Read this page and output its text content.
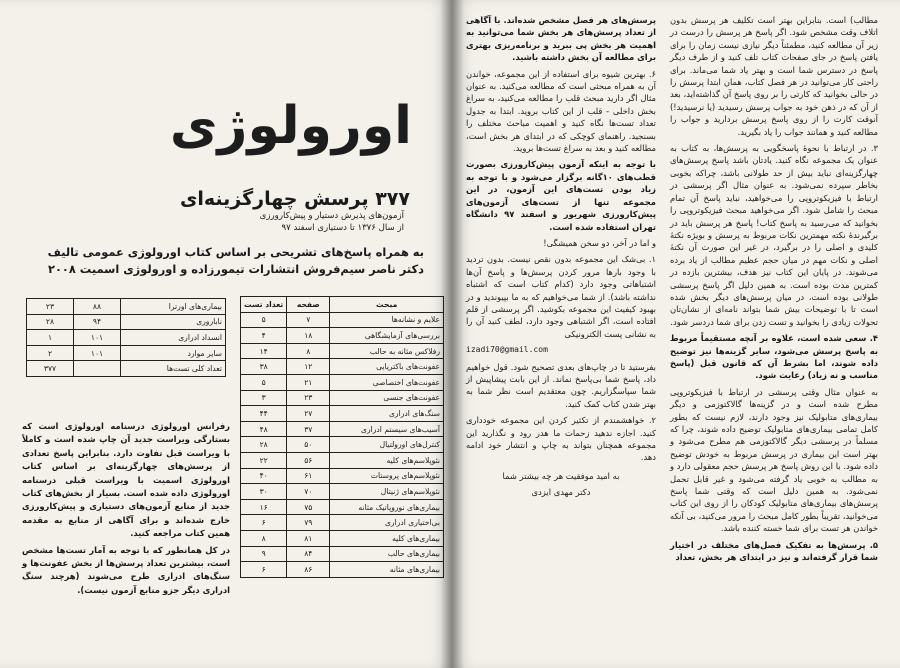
اورولوژی
۳۷۷ پرسش چهارگزینه‌ای
آزمون‌های پذیرش دستیار و پیش‌کارورزی
از سال ۱۳۷۶ تا دستیاری اسفند ۹۷
به همراه پاسخ‌های تشریحی بر اساس کتاب اورولوژی عمومی تالیف
دکتر ناصر سیم‌فروش انتشارات تیمورزاده و اورولوژی اسمیت ۲۰۰۸
مبحث	صفحه	تعداد تست
علایم و نشانه‌ها	۷	۵
بررسی‌های آزمایشگاهی	۱۸	۴
رفلاکس مثانه به حالب	۸	۱۴
عفونت‌های باکتریایی	۱۲	۳۸
عفونت‌های اختصاصی	۲۱	۵
عفونت‌های جنسی	۲۳	۳
سنگ‌های ادراری	۲۷	۴۴
آسیب‌های سیستم ادراری	۳۷	۴۸
کنترل‌های اورولتیال	۵۰	۲۸
نئوپلاسم‌های کلیه	۵۶	۲۲
نئوپلاسم‌های پروستات	۶۱	۴۰
نئوپلاسم‌های ژنیتال	۷۰	۳۰
بیماری‌های نوروپاتیک مثانه	۷۵	۱۶
بی‌اختیاری ادراری	۷۹	۶
بیماری‌های کلیه	۸۱	۸
بیماری‌های حالب	۸۴	۹
بیماری‌های مثانه	۸۶	۶
بیماری‌های اورترا	۸۸	۲۳
ناباروری	۹۴	۲۸
انسداد ادراری	۱۰۱	۱
سایر موارد	۱۰۱	۲
تعداد کلی تست‌ها		۳۷۷

رفرانس اورولوژی درسنامه اورولوژی است که بستارگی ویراست جدید آن چاپ شده است و کاملاً با ویراست قبل تفاوت دارد. بنابراین پاسخ تعدادی از پرسش‌های چهارگزینه‌ای بر اساس کتاب اورولوژی اسمیت با ویراست قبلی درسنامه اورولوژی داده شده است. بسیار از بخش‌های کتاب جدید از منابع آزمون‌های دستیاری و پیش‌کارورزی خارج شده‌اند و برای آگاهی از منابع به مقدمه همین کتاب مراجعه کنید.

در کل همانطور که با توجه به آمار تست‌ها مشخص است، بیشترین تعداد پرسش‌ها از بخش عفونت‌ها و سنگ‌های ادراری طرح می‌شوند (هرچند سنگ ادراری دیگر جزو منابع آزمون نیست).

پرسش‌های هر فصل مشخص شده‌اند. با آگاهی از تعداد پرسش‌های هر بخش شما می‌توانید به اهمیت هر بخش پی ببرید و برنامه‌ریزی بهتری برای مطالعه آن بخش داشته باشید.

۶. بهترین شیوه برای استفاده از این مجموعه، خواندن آن به همراه مبحثی است که مطالعه می‌کنید. به عنوان مثال اگر دارید مبحث قلب را مطالعه می‌کنید، به سراغ بخش داخلی - قلب از این کتاب بروید. ابتدا به جدول تعداد تست‌ها نگاه کنید و اهمیت مباحث مختلف را بسنجید. راهنمای کوچکی که در ابتدای هر بخش است، مطالعه کنید و بعد به سراغ تست‌ها بروید.

با توجه به اینکه آزمون پیش‌کارورزی بصورت قطب‌های ۱۰گانه برگزار می‌شود و با توجه به زیاد بودن تست‌های این آزمون، در این مجموعه تنها از تست‌های آزمون‌های پیش‌کارورزی شهریور و اسفند ۹۷ دانشگاه تهران استفاده شده است.

و اما در آخر، دو سخن همیشگی!

۱. بی‌شک این مجموعه بدون نقص نیست. بدون تردید با وجود بارها مرور کردن پرسش‌ها و پاسخ آن‌ها اشتباهاتی وجود دارد (کدام کتاب است که اشتباه نداشته باشد). از شما می‌خواهیم که به ما بپیوندید و در بهبود کیفیت این مجموعه بکوشید. اگر پرسشی از قلم افتاده است، اگر اشتباهی وجود دارد، لطف کنید آن را به نشانی پست الکترونیکی

izadi70@gmail.com

بفرستید تا در چاپ‌های بعدی تصحیح شود. قول خواهیم داد، پاسخ شما بی‌پاسخ نماند. از این بابت پیشاپیش از شما سپاسگزاریم. چون معتقدیم است نظر شما به بهتر شدن کتاب کمک کنید.

۲. خواهشمندم از تکثیر کردن این مجموعه خودداری کنید. اجازه ندهید زحمات ما هدر رود و نگذارید این مجموعه همچنان بتواند به چاپ و انتشار خود ادامه دهد.

به امید موفقیت هر چه بیشتر شما

دکتر مهدی ایزدی

مطالب) است. بنابراین بهتر است تکلیف هر پرسش بدون اتلاف وقت مشخص شود. اگر پاسخ هر پرسش را درست در زیر آن مطالعه کنید، مطمئناً دیگر نیازی نیست زمان را برای یافتن پاسخ در جای صفحات کتاب تلف کنید و از طرف دیگر پاسخ در دسترس شما است و بهتر یاد شما می‌ماند. برای راحتی کار می‌توانید در هر فصل کتاب، همان ابتدا پرسش را در حالی بخوانید که کارتی را بر روی پاسخ آن گذاشته‌اید، بعد از آن که در ذهن خود به جواب پرسش رسیدید (یا نرسیدید!) آنوقت کارت را از روی پاسخ پرسش بردارید و جواب را مطالعه کنید و همانند جواب را یاد بگیرید.

۳. در ارتباط با نحوهٔ پاسخگویی به پرسش‌ها، به کتاب به عنوان یک مجموعه نگاه کنید. یادتان باشد پاسخ پرسش‌های چهارگزینه‌ای نباید بیش از حد طولانی باشد، چراکه بخوبی بخاطر سپرده نمی‌شود. به عنوان مثال اگر پرسشی در ارتباط با فیزیکوتروپی را می‌خواهید، نباید پاسخ آن تمام مبحث را شامل شود. اگر می‌خواهید مبحث فیزیکوتروپی را بخوانید که می‌رسید به پاسخ کتاب! پاسخ هر پرسش باید در برگیرندهٔ نکته مهمترین نکات مربوط به پرسش و بویژه نکتهٔ کلیدی و اصلی را در برگیرد، در غیر این صورت آن نکتهٔ اصلی و نکات مهم در میان حجم عظیم مطالب از یاد برده می‌شوند. در پایان این کتاب نیز هدف، بیشترین بازده در کمترین مدت بوده است. به همین دلیل اگر پاسخ پرسشی طولانی بوده است، در میان پرسش‌های دیگر بخش شده است تا با توضیحات بیش شما بتواند نامه‌ای از نشان‌تان تحولات زیادی را بخوانید و تست زدن برای شما دردسر شود.

۴. سعی شده است، علاوه بر آنچه مستقیماً مربوط به پاسخ پرسش می‌شود، سایر گزینه‌ها نیز توضیح داده شوند، اما بشرط آن که قانون قبل (پاسخ مناسب و نه زیاد) رعایت شود.

به عنوان مثال وقتی پرسشی در ارتباط با فیزیکوتروپی مطرح شده است و در گزینه‌ها گالاکتوزمی و دیگر بیماری‌های متابولیک نیز وجود دارند، لازم نیست که بطور کامل تمامی بیماری‌های متابولیک توضیح داده شوند، چرا که مسلماً در پرسشی دیگر گالاکتوزمی هم مطرح می‌شود و بهتر است این بیماری در پرسش مربوط به خودش توضیح داده شود. با این روش پاسخ هر پرسش حجم معقولی دارد و به مطالب به خوبی یاد گرفته می‌شود و غیر قابل تحمل نمی‌شود. به همین دلیل است که وقتی شما پاسخ پرسش‌های بیماری‌های متابولیک کودکان را از روی این کتاب می‌خوانید، تقریباً بطور کامل مبحث را مرور می‌کنید، بی آنکه خواندن هر تست برای شما خسته کننده باشد.

۵. پرسش‌ها به تفکیک فصل‌های مختلف در اختیار شما قرار گرفته‌اند و نیز در ابتدای هر بخش، تعداد
